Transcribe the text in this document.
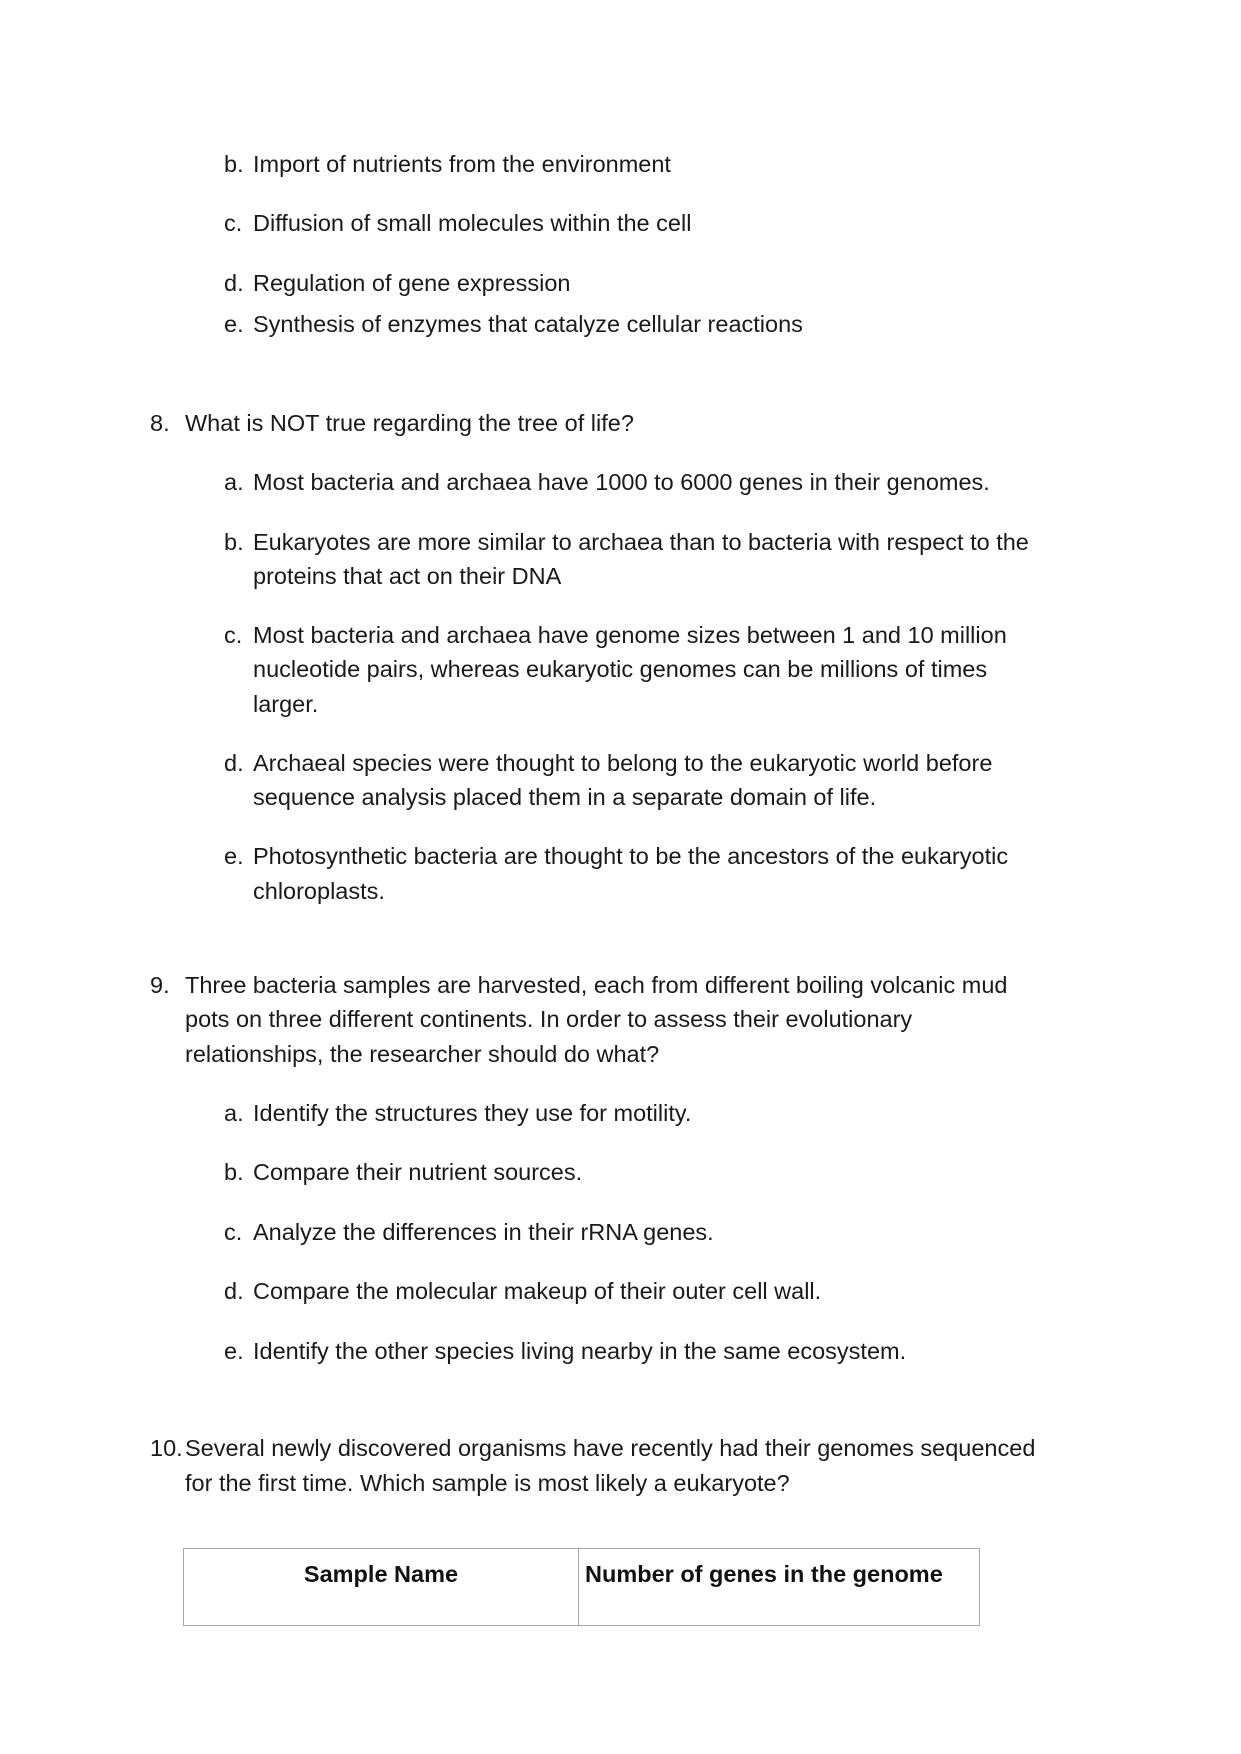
b. Import of nutrients from the environment
c. Diffusion of small molecules within the cell
d. Regulation of gene expression
e. Synthesis of enzymes that catalyze cellular reactions
8. What is NOT true regarding the tree of life?
a. Most bacteria and archaea have 1000 to 6000 genes in their genomes.
b. Eukaryotes are more similar to archaea than to bacteria with respect to the
proteins that act on their DNA
c. Most bacteria and archaea have genome sizes between 1 and 10 million
nucleotide pairs, whereas eukaryotic genomes can be millions of times
larger.
d. Archaeal species were thought to belong to the eukaryotic world before
sequence analysis placed them in a separate domain of life.
e. Photosynthetic bacteria are thought to be the ancestors of the eukaryotic
chloroplasts.
9. Three bacteria samples are harvested, each from different boiling volcanic mud
pots on three different continents. In order to assess their evolutionary
relationships, the researcher should do what?
a. Identify the structures they use for motility.
b. Compare their nutrient sources.
c. Analyze the differences in their rRNA genes.
d. Compare the molecular makeup of their outer cell wall.
e. Identify the other species living nearby in the same ecosystem.
10. Several newly discovered organisms have recently had their genomes sequenced
for the first time. Which sample is most likely a eukaryote?
Sample Name	Number of genes in the genome
